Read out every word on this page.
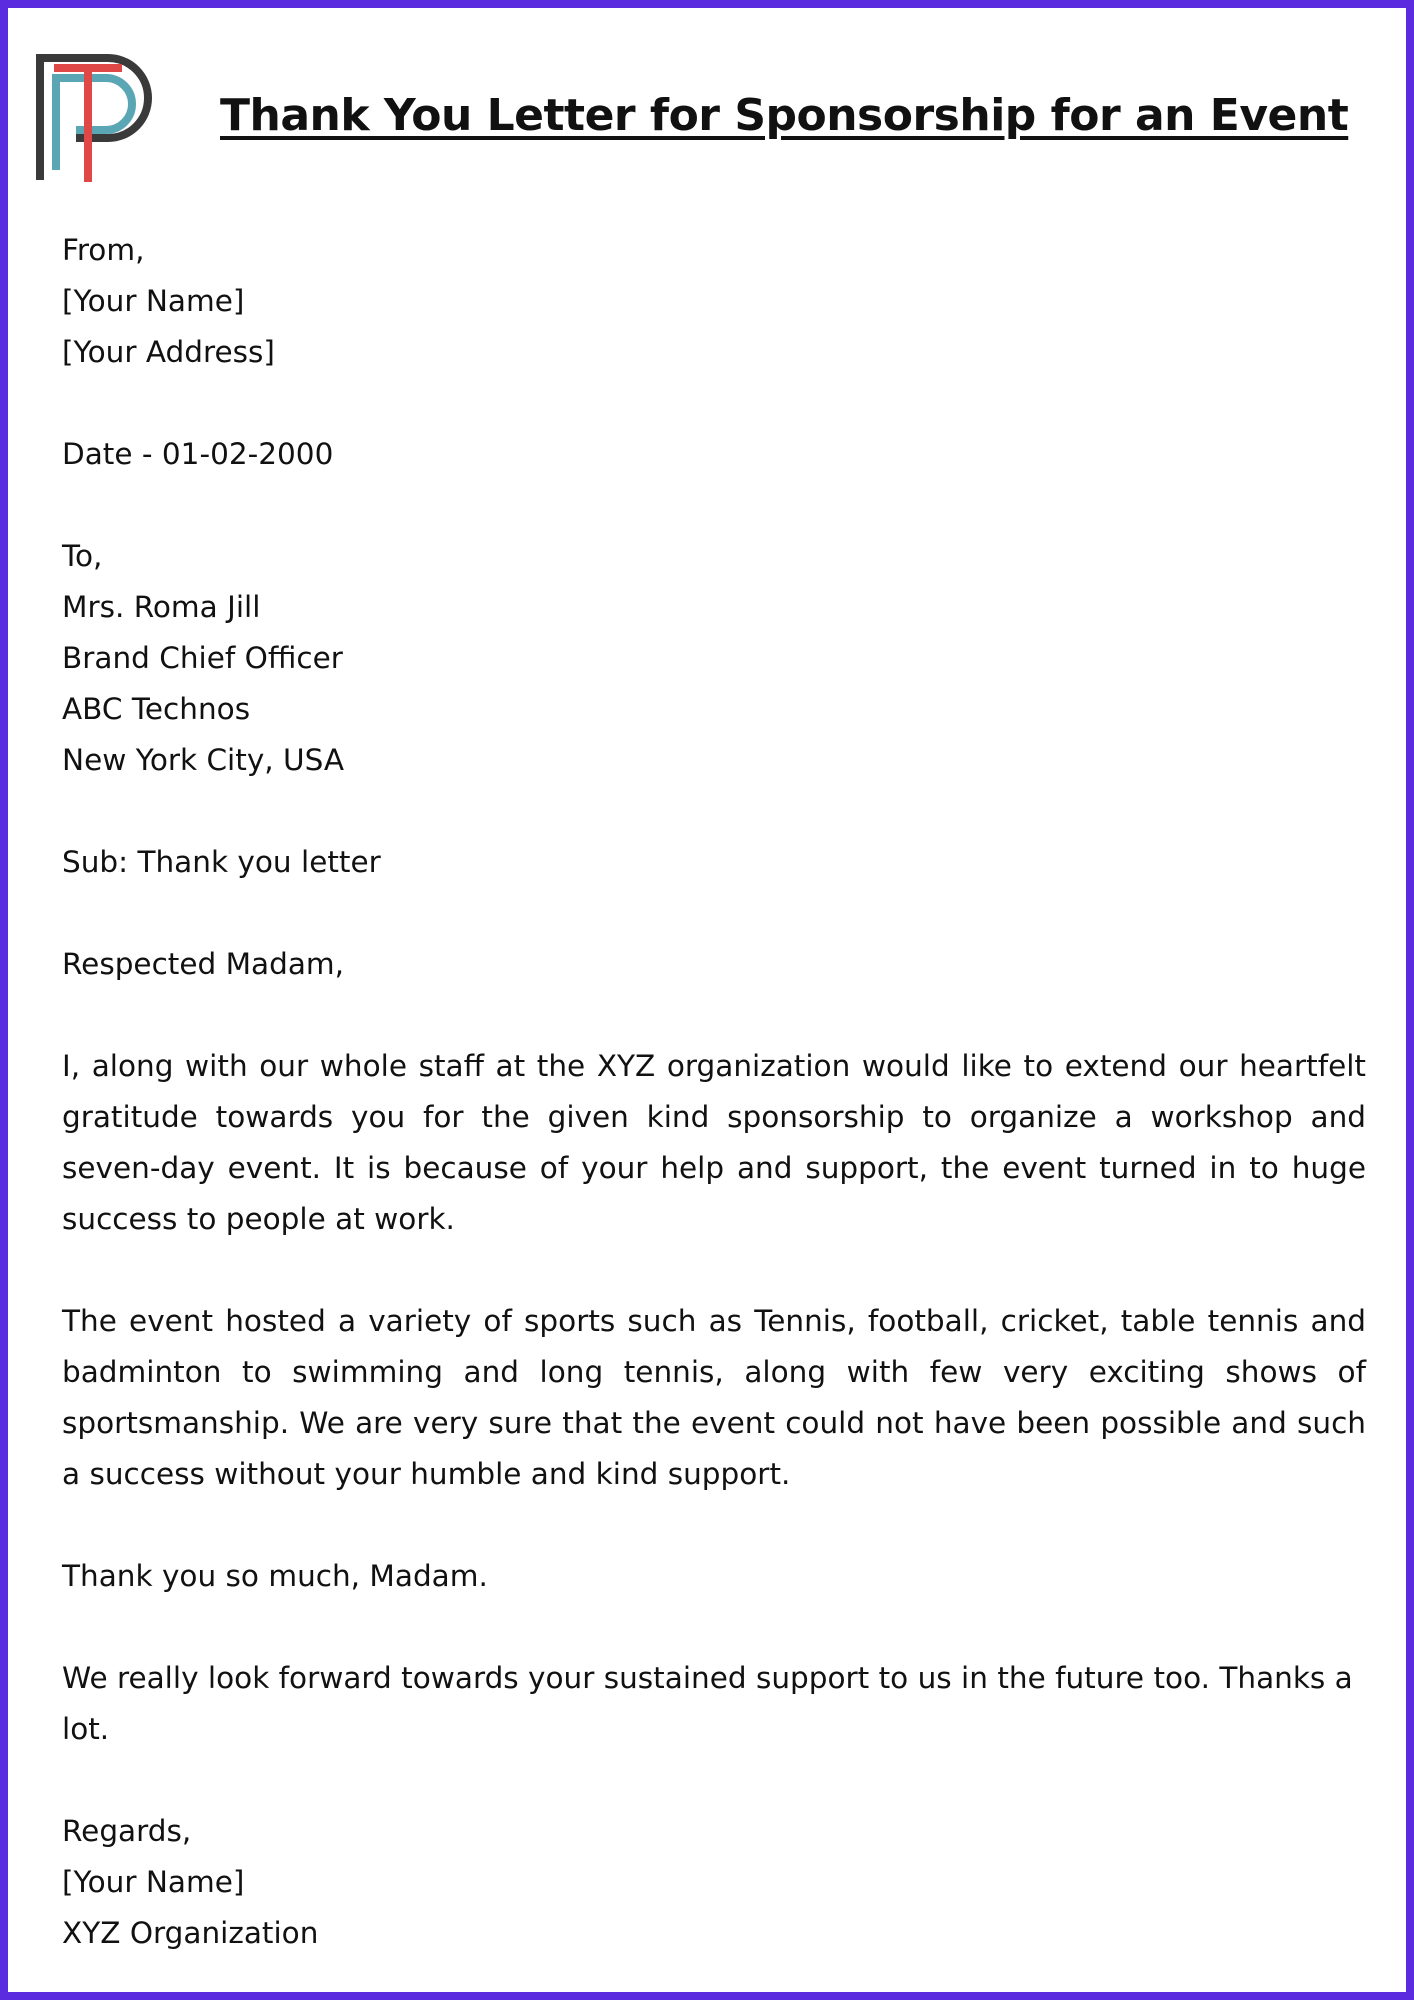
Thank You Letter for Sponsorship for an Event
From,
[Your Name]
[Your Address]
Date - 01-02-2000
To,
Mrs. Roma Jill
Brand Chief Officer
ABC Technos
New York City, USA
Sub: Thank you letter
Respected Madam,
I, along with our whole staff at the XYZ organization would like to extend our heartfelt gratitude towards you for the given kind sponsorship to organize a workshop and seven-day event. It is because of your help and support, the event turned in to huge success to people at work.
The event hosted a variety of sports such as Tennis, football, cricket, table tennis and badminton to swimming and long tennis, along with few very exciting shows of sportsmanship. We are very sure that the event could not have been possible and such a success without your humble and kind support.
Thank you so much, Madam.
We really look forward towards your sustained support to us in the future too. Thanks a lot.
Regards,
[Your Name]
XYZ Organization
